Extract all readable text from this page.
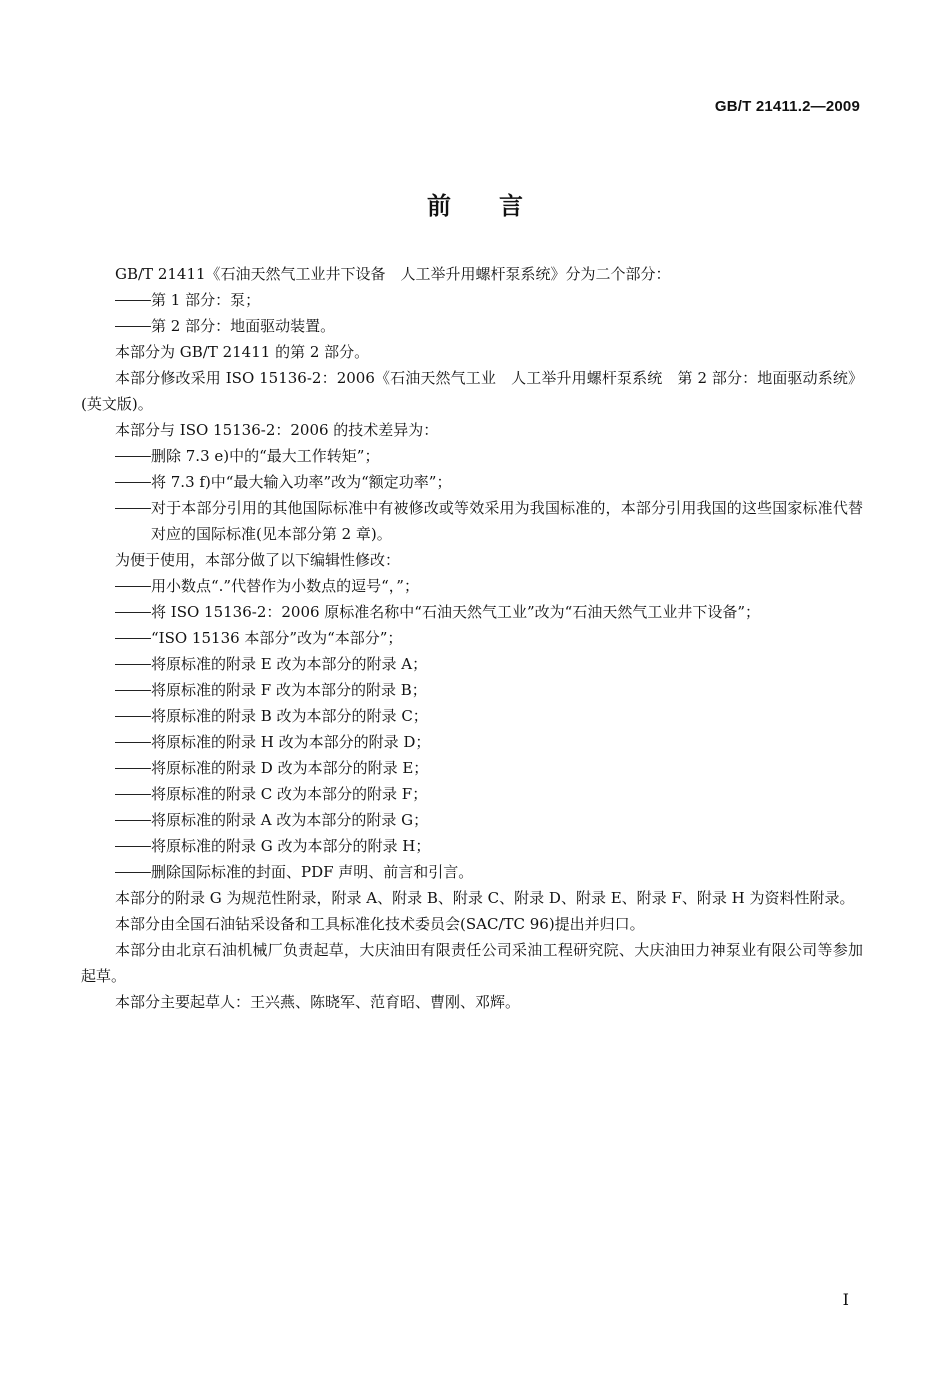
GB/T 21411.2—2009
前 言

GB/T 21411《石油天然气工业井下设备　人工举升用螺杆泵系统》分为二个部分：

第 1 部分：泵；
第 2 部分：地面驱动装置。

本部分为 GB/T 21411 的第 2 部分。

本部分修改采用 ISO 15136-2：2006《石油天然气工业　人工举升用螺杆泵系统　第 2 部分：地面驱动系统》(英文版)。

本部分与 ISO 15136-2：2006 的技术差异为：

删除 7.3 e)中的“最大工作转矩”；
将 7.3 f)中“最大输入功率”改为“额定功率”；
对于本部分引用的其他国际标准中有被修改或等效采用为我国标准的，本部分引用我国的这些国家标准代替对应的国际标准(见本部分第 2 章)。

为便于使用，本部分做了以下编辑性修改：

用小数点“.”代替作为小数点的逗号“，”；
将 ISO 15136-2：2006 原标准名称中“石油天然气工业”改为“石油天然气工业井下设备”；
“ISO 15136 本部分”改为“本部分”；
将原标准的附录 E 改为本部分的附录 A；
将原标准的附录 F 改为本部分的附录 B；
将原标准的附录 B 改为本部分的附录 C；
将原标准的附录 H 改为本部分的附录 D；
将原标准的附录 D 改为本部分的附录 E；
将原标准的附录 C 改为本部分的附录 F；
将原标准的附录 A 改为本部分的附录 G；
将原标准的附录 G 改为本部分的附录 H；
删除国际标准的封面、PDF 声明、前言和引言。

本部分的附录 G 为规范性附录，附录 A、附录 B、附录 C、附录 D、附录 E、附录 F、附录 H 为资料性附录。

本部分由全国石油钻采设备和工具标准化技术委员会(SAC/TC 96)提出并归口。

本部分由北京石油机械厂负责起草，大庆油田有限责任公司采油工程研究院、大庆油田力神泵业有限公司等参加起草。

本部分主要起草人：王兴燕、陈晓军、范育昭、曹刚、邓辉。

I
